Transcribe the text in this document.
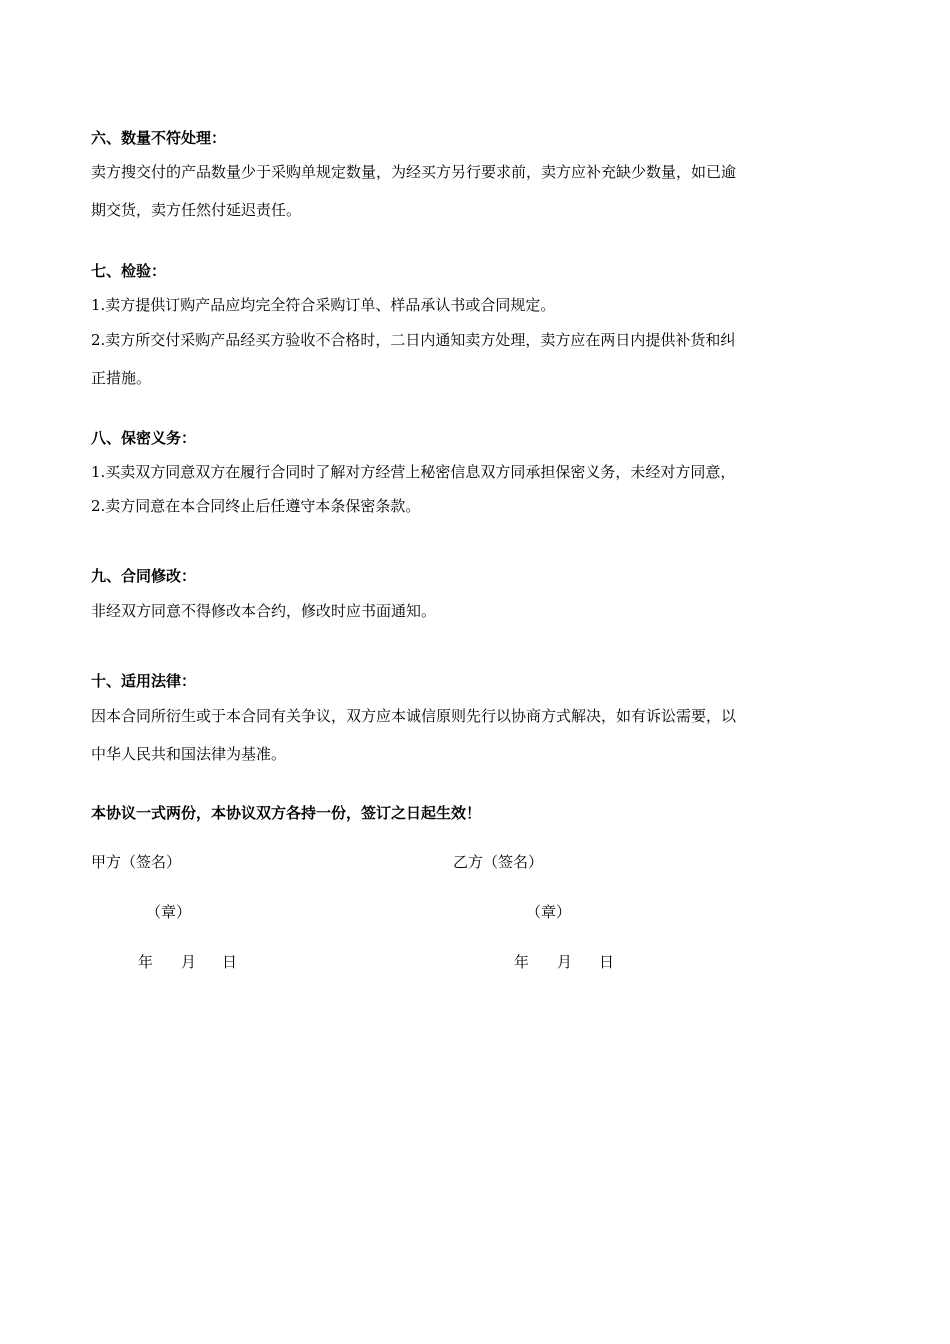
六、数量不符处理：
卖方搜交付的产品数量少于采购单规定数量，为经买方另行要求前，卖方应补充缺少数量，如已逾
期交货，卖方任然付延迟责任。
七、检验：
1.卖方提供订购产品应均完全符合采购订单、样品承认书或合同规定。
2.卖方所交付采购产品经买方验收不合格时，二日内通知卖方处理，卖方应在两日内提供补货和纠
正措施。
八、保密义务：
1.买卖双方同意双方在履行合同时了解对方经营上秘密信息双方同承担保密义务，未经对方同意，
2.卖方同意在本合同终止后任遵守本条保密条款。
九、合同修改：
非经双方同意不得修改本合约，修改时应书面通知。
十、适用法律：
因本合同所衍生或于本合同有关争议，双方应本诚信原则先行以协商方式解决，如有诉讼需要，以
中华人民共和国法律为基准。
本协议一式两份，本协议双方各持一份，签订之日起生效！
甲方（签名）
（章）
年 月 日
乙方（签名）
（章）
年 月 日
